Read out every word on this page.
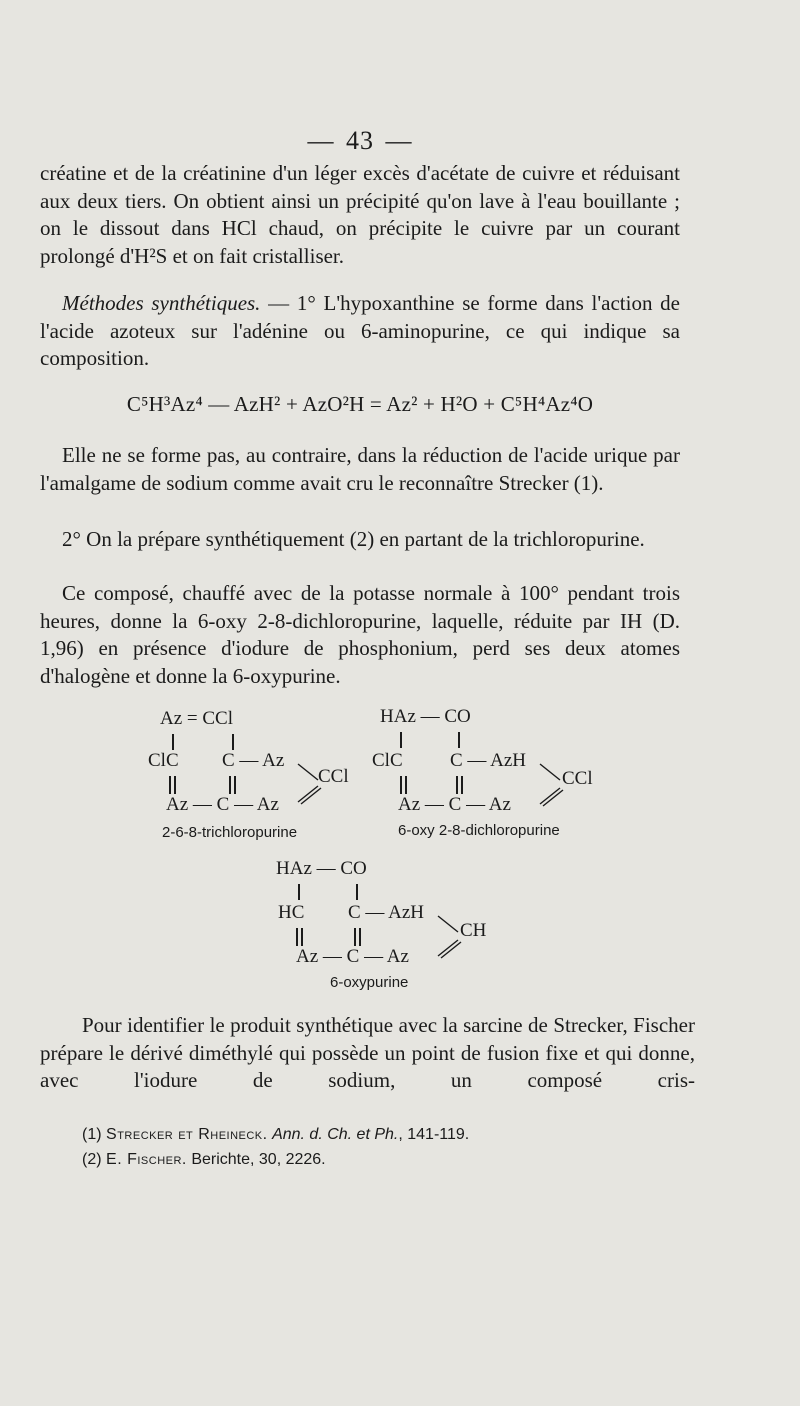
— 43 —

créatine et de la créatinine d'un léger excès d'acétate de cuivre et réduisant aux deux tiers. On obtient ainsi un précipité qu'on lave à l'eau bouillante ; on le dissout dans HCl chaud, on précipite le cuivre par un courant prolongé d'H²S et on fait cristalliser.

Méthodes synthétiques. — 1° L'hypoxanthine se forme dans l'action de l'acide azoteux sur l'adénine ou 6-aminopurine, ce qui indique sa composition.

C⁵H³Az⁴ — AzH² + AzO²H = Az² + H²O + C⁵H⁴Az⁴O

Elle ne se forme pas, au contraire, dans la réduction de l'acide urique par l'amalgame de sodium comme avait cru le reconnaître Strecker (1).

2° On la prépare synthétiquement (2) en partant de la trichloropurine.

Ce composé, chauffé avec de la potasse normale à 100° pendant trois heures, donne la 6-oxy 2-8-dichloropurine, laquelle, réduite par IH (D. 1,96) en présence d'iodure de phosphonium, perd ses deux atomes d'halogène et donne la 6-oxypurine.

Az = CCl
ClC C — Az
CCl
Az — C — Az
2-6-8-trichloropurine
HAz — CO
ClC C — AzH
CCl
Az — C — Az
6-oxy 2-8-dichloropurine
HAz — CO
HC C — AzH
CH
Az — C — Az
6-oxypurine

Pour identifier le produit synthétique avec la sarcine de Strecker, Fischer prépare le dérivé diméthylé qui possède un point de fusion fixe et qui donne, avec l'iodure de sodium, un composé cris-

(1) Strecker et Rheineck. Ann. d. Ch. et Ph., 141-119.
(2) E. Fischer. Berichte, 30, 2226.
